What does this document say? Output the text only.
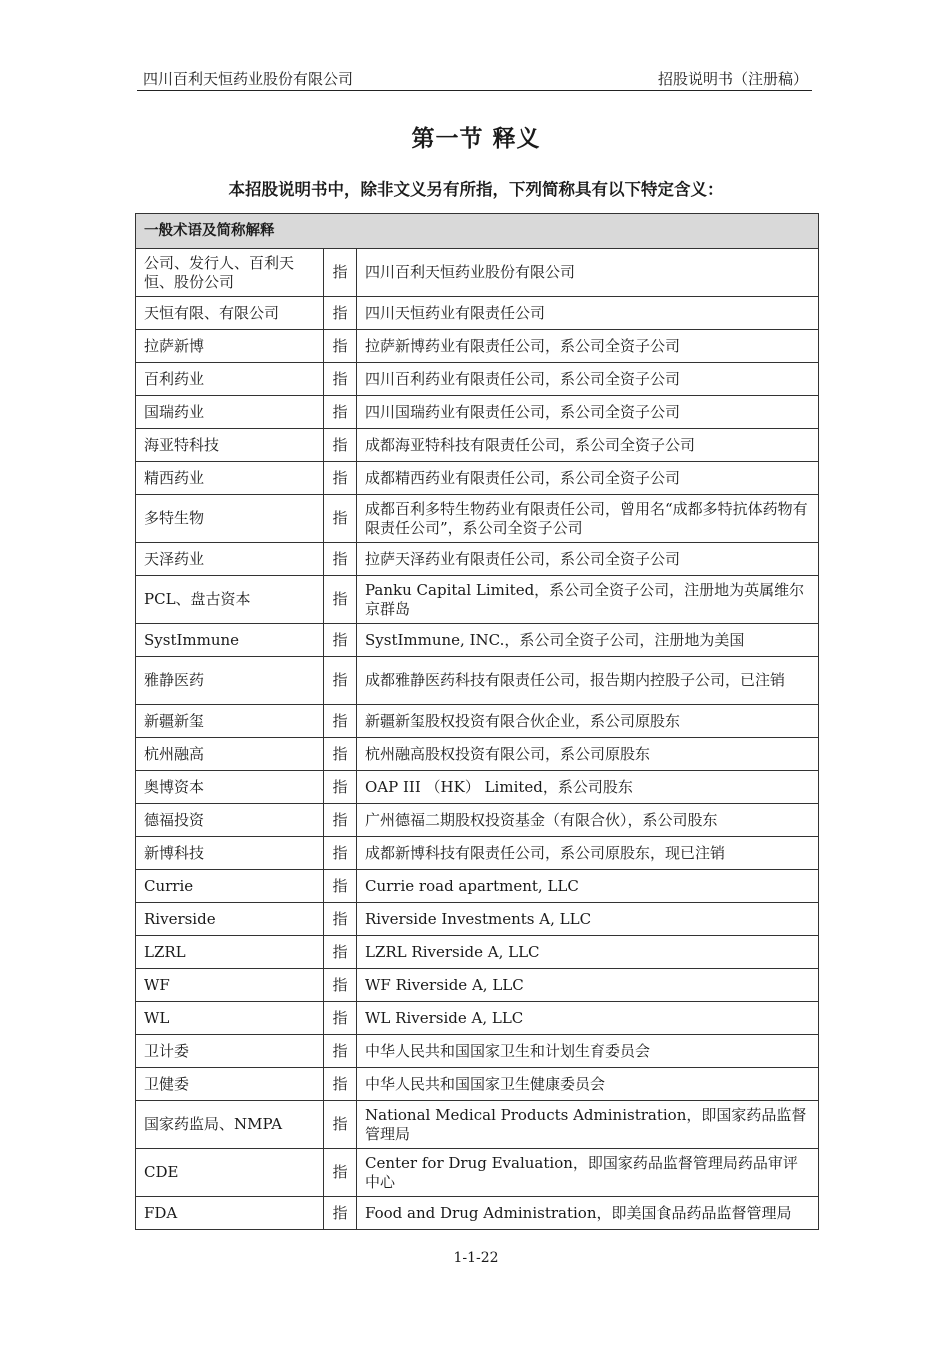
四川百利天恒药业股份有限公司	招股说明书（注册稿）
第一节 释义
本招股说明书中，除非文义另有所指，下列简称具有以下特定含义：
一般术语及简称解释		
公司、发行人、百利天恒、股份公司	指	四川百利天恒药业股份有限公司
天恒有限、有限公司	指	四川天恒药业有限责任公司
拉萨新博	指	拉萨新博药业有限责任公司，系公司全资子公司
百利药业	指	四川百利药业有限责任公司，系公司全资子公司
国瑞药业	指	四川国瑞药业有限责任公司，系公司全资子公司
海亚特科技	指	成都海亚特科技有限责任公司，系公司全资子公司
精西药业	指	成都精西药业有限责任公司，系公司全资子公司
多特生物	指	成都百利多特生物药业有限责任公司，曾用名“成都多特抗体药物有限责任公司”，系公司全资子公司
天泽药业	指	拉萨天泽药业有限责任公司，系公司全资子公司
PCL、盘古资本	指	Panku Capital Limited，系公司全资子公司，注册地为英属维尔京群岛
SystImmune	指	SystImmune, INC.，系公司全资子公司，注册地为美国
雅静医药	指	成都雅静医药科技有限责任公司，报告期内控股子公司，已注销
新疆新玺	指	新疆新玺股权投资有限合伙企业，系公司原股东
杭州融高	指	杭州融高股权投资有限公司，系公司原股东
奥博资本	指	OAP III （HK） Limited，系公司股东
德福投资	指	广州德福二期股权投资基金（有限合伙），系公司股东
新博科技	指	成都新博科技有限责任公司，系公司原股东，现已注销
Currie	指	Currie road apartment, LLC
Riverside	指	Riverside Investments A, LLC
LZRL	指	LZRL Riverside A, LLC
WF	指	WF Riverside A, LLC
WL	指	WL Riverside A, LLC
卫计委	指	中华人民共和国国家卫生和计划生育委员会
卫健委	指	中华人民共和国国家卫生健康委员会
国家药监局、NMPA	指	National Medical Products Administration，即国家药品监督管理局
CDE	指	Center for Drug Evaluation，即国家药品监督管理局药品审评中心
FDA	指	Food and Drug Administration，即美国食品药品监督管理局
1-1-22
